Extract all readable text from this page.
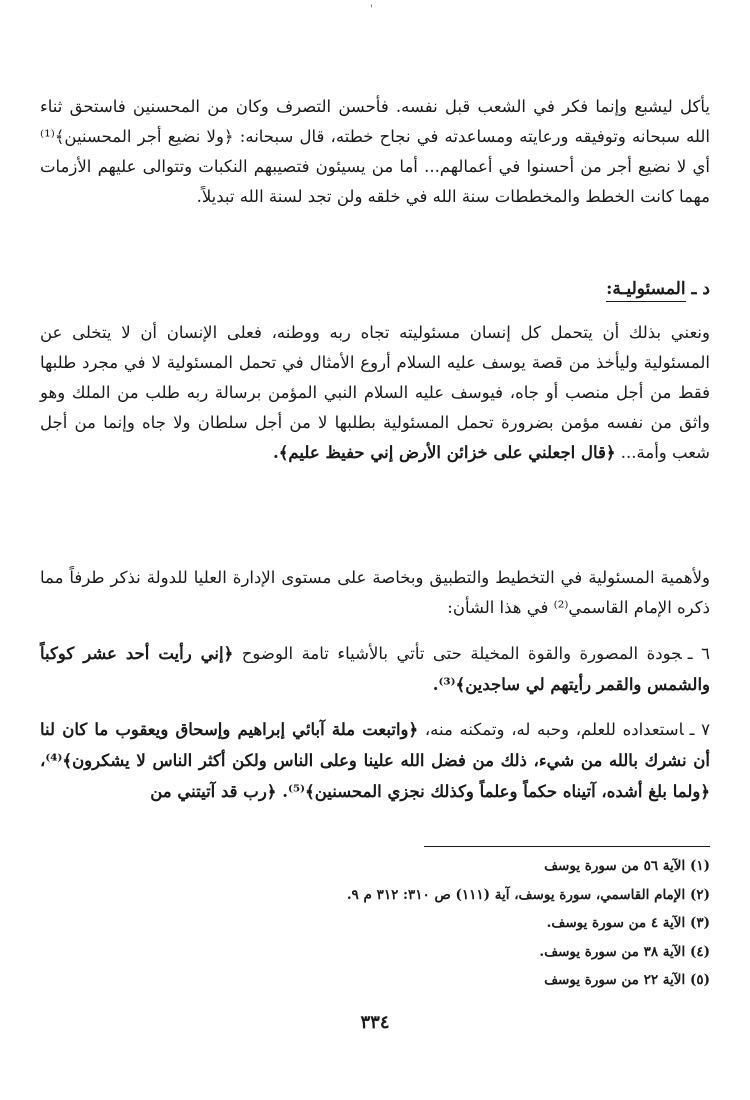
'

يأكل ليشبع وإنما فكر في الشعب قبل نفسه. فأحسن التصرف وكان من المحسنين فاستحق ثناء الله سبحانه وتوفيقه ورعايته ومساعدته في نجاح خطته، قال سبحانه: ﴿ولا نضيع أجر المحسنين﴾⁽¹⁾ أي لا نضيع أجر من أحسنوا في أعمالهم... أما من يسيئون فتصيبهم النكبات وتتوالى عليهم الأزمات مهما كانت الخطط والمخططات سنة الله في خلقه ولن تجد لسنة الله تبديلاً.

د ـ المسئوليـة:

ونعني بذلك أن يتحمل كل إنسان مسئوليته تجاه ربه ووطنه، فعلى الإنسان أن لا يتخلى عن المسئولية وليأخذ من قصة يوسف عليه السلام أروع الأمثال في تحمل المسئولية لا في مجرد طلبها فقط من أجل منصب أو جاه، فيوسف عليه السلام النبي المؤمن برسالة ربه طلب من الملك وهو واثق من نفسه مؤمن بضرورة تحمل المسئولية بطلبها لا من أجل سلطان ولا جاه وإنما من أجل شعب وأمة... ﴿قال اجعلني على خزائن الأرض إني حفيظ عليم﴾.

ولأهمية المسئولية في التخطيط والتطبيق وبخاصة على مستوى الإدارة العليا للدولة نذكر طرفاً مما ذكره الإمام القاسمي⁽²⁾ في هذا الشأن:

٦ ـجودة المصورة والقوة المخيلة حتى تأتي بالأشياء تامة الوضوح ﴿إني رأيت أحد عشر كوكباً والشمس والقمر رأيتهم لي ساجدين﴾⁽³⁾.

٧ ـاستعداده للعلم، وحبه له، وتمكنه منه، ﴿واتبعت ملة آبائي إبراهيم وإسحاق ويعقوب ما كان لنا أن نشرك بالله من شيء، ذلك من فضل الله علينا وعلى الناس ولكن أكثر الناس لا يشكرون﴾⁽⁴⁾، ﴿ولما بلغ أشده، آتيناه حكماً وعلماً وكذلك نجزي المحسنين﴾⁽⁵⁾. ﴿رب قد آتيتني من

(١) الآية ٥٦ من سورة يوسف
(٢) الإمام القاسمي، سورة يوسف، آية (١١١) ص ٣١٠: ٣١٢ م ٩.
(٣) الآية ٤ من سورة يوسف.
(٤) الآية ٣٨ من سورة يوسف.
(٥) الآية ٢٢ من سورة يوسف
٣٣٤
